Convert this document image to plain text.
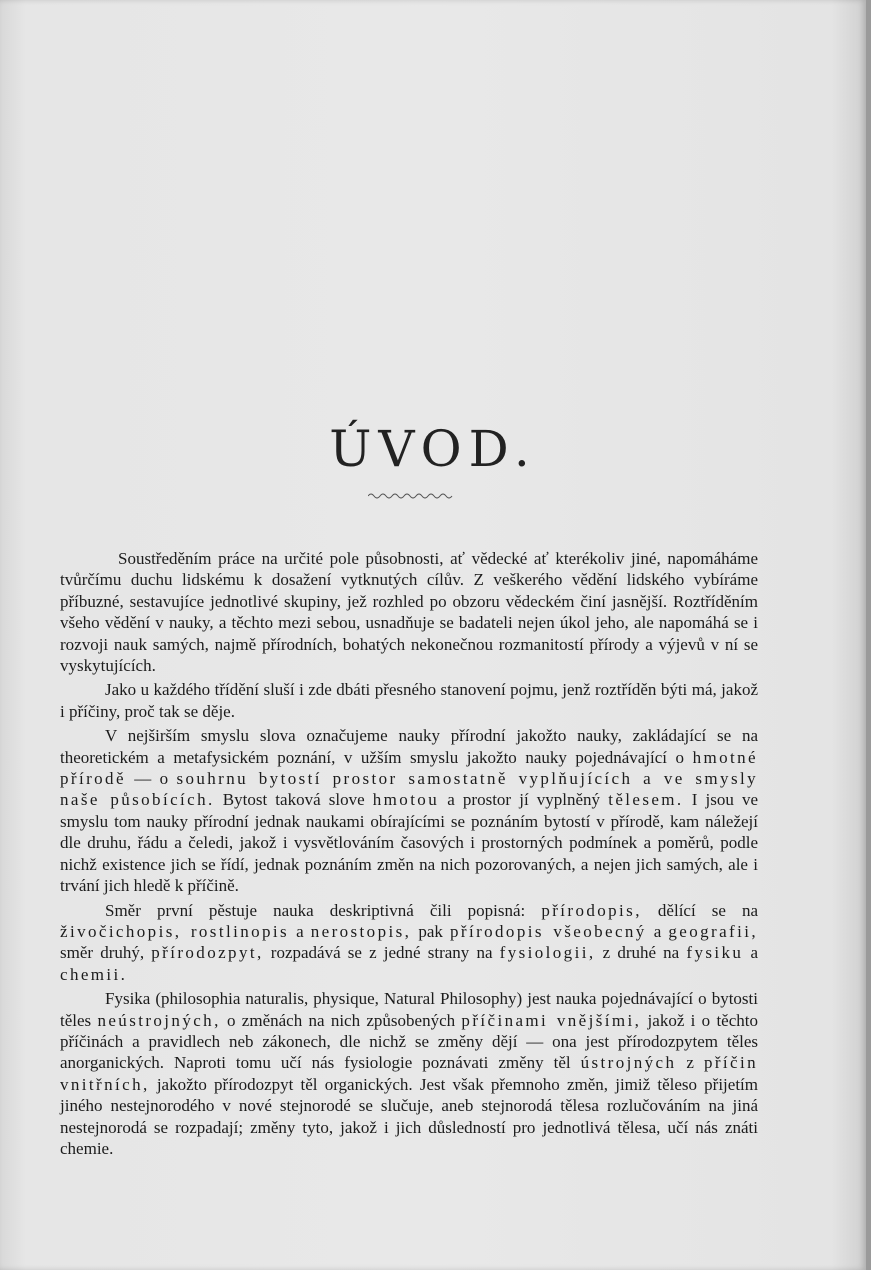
ÚVOD.

Soustředěním práce na určité pole působnosti, ať vědecké ať kterékoliv jiné, napomáháme tvůrčímu duchu lidskému k dosažení vytknutých cílův. Z veškerého vědění lidského vybíráme příbuzné, sestavujíce jednotlivé skupiny, jež rozhled po obzoru vědeckém činí jasnější. Roztříděním všeho vědění v nauky, a těchto mezi sebou, usnadňuje se badateli nejen úkol jeho, ale napomáhá se i rozvoji nauk samých, najmě přírodních, bohatých nekonečnou rozmanitostí přírody a výjevů v ní se vyskytujících.

Jako u každého třídění sluší i zde dbáti přesného stanovení pojmu, jenž roztříděn býti má, jakož i příčiny, proč tak se děje.

V nejširším smyslu slova označujeme nauky přírodní jakožto nauky, zakládající se na theoretickém a metafysickém poznání, v užším smyslu jakožto nauky pojednávající o hmotné přírodě — o souhrnu bytostí prostor samostatně vyplňujících a ve smysly naše působících. Bytost taková slove hmotou a prostor jí vyplněný tělesem. I jsou ve smyslu tom nauky přírodní jednak naukami obírajícími se poznáním bytostí v přírodě, kam náležejí dle druhu, řádu a čeledi, jakož i vysvětlováním časových i prostorných podmínek a poměrů, podle nichž existence jich se řídí, jednak poznáním změn na nich pozorovaných, a nejen jich samých, ale i trvání jich hledě k příčině.

Směr první pěstuje nauka deskriptivná čili popisná: přírodopis, dělící se na živočichopis, rostlinopis a nerostopis, pak přírodopis všeobecný a geografii, směr druhý, přírodozpyt, rozpadává se z jedné strany na fysiologii, z druhé na fysiku a chemii.

Fysika (philosophia naturalis, physique, Natural Philosophy) jest nauka pojednávající o bytosti těles neústrojných, o změnách na nich způsobených příčinami vnějšími, jakož i o těchto příčinách a pravidlech neb zákonech, dle nichž se změny dějí — ona jest přírodozpytem těles anorganických. Naproti tomu učí nás fysiologie poznávati změny těl ústrojných z příčin vnitřních, jakožto přírodozpyt těl organických. Jest však přemnoho změn, jimiž těleso přijetím jiného nestejnorodého v nové stejnorodé se slučuje, aneb stejnorodá tělesa rozlučováním na jiná nestejnorodá se rozpadají; změny tyto, jakož i jich důsledností pro jednotlivá tělesa, učí nás znáti chemie.
